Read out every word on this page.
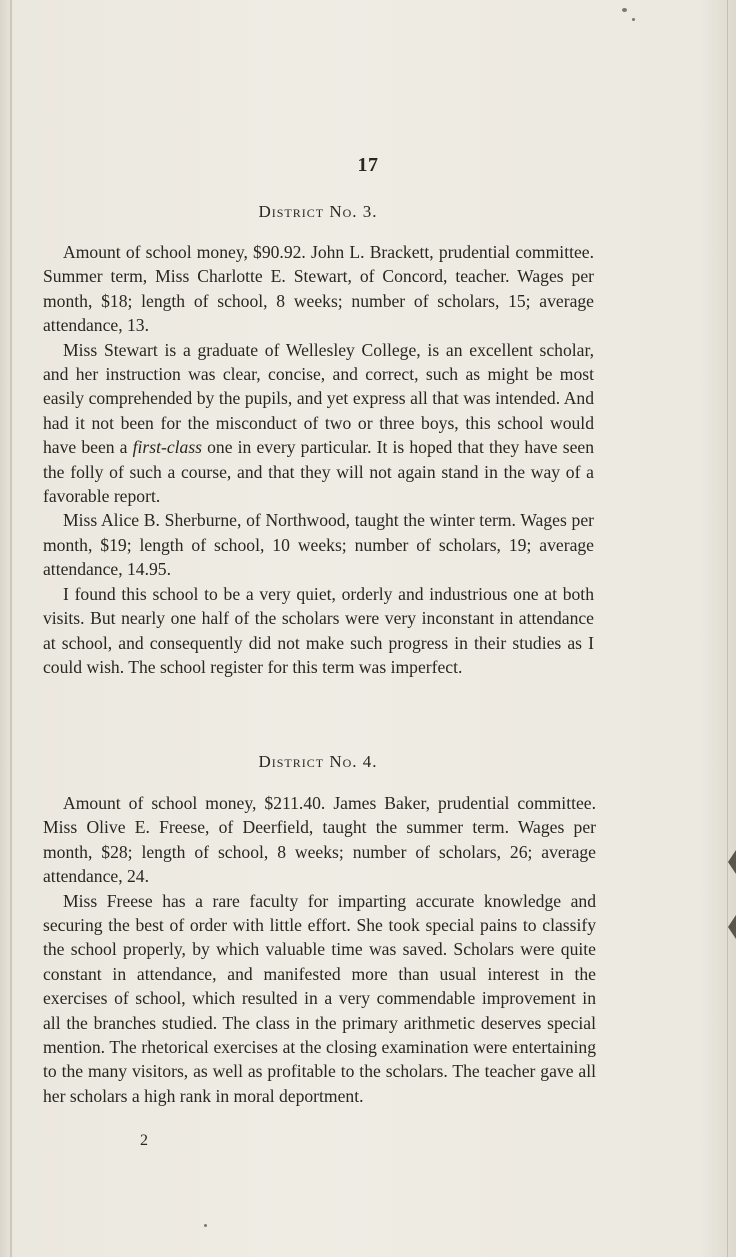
17
District No. 3.

Amount of school money, $90.92. John L. Brackett, prudential committee. Summer term, Miss Charlotte E. Stewart, of Concord, teacher. Wages per month, $18; length of school, 8 weeks; number of scholars, 15; average attendance, 13.

Miss Stewart is a graduate of Wellesley College, is an excellent scholar, and her instruction was clear, concise, and correct, such as might be most easily comprehended by the pupils, and yet express all that was intended. And had it not been for the misconduct of two or three boys, this school would have been a first-class one in every particular. It is hoped that they have seen the folly of such a course, and that they will not again stand in the way of a favorable report.

Miss Alice B. Sherburne, of Northwood, taught the winter term. Wages per month, $19; length of school, 10 weeks; number of scholars, 19; average attendance, 14.95.

I found this school to be a very quiet, orderly and industrious one at both visits. But nearly one half of the scholars were very inconstant in attendance at school, and consequently did not make such progress in their studies as I could wish. The school register for this term was imperfect.

District No. 4.

Amount of school money, $211.40. James Baker, prudential committee. Miss Olive E. Freese, of Deerfield, taught the summer term. Wages per month, $28; length of school, 8 weeks; number of scholars, 26; average attendance, 24.

Miss Freese has a rare faculty for imparting accurate knowledge and securing the best of order with little effort. She took special pains to classify the school properly, by which valuable time was saved. Scholars were quite constant in attendance, and manifested more than usual interest in the exercises of school, which resulted in a very commendable improvement in all the branches studied. The class in the primary arithmetic deserves special mention. The rhetorical exercises at the closing examination were entertaining to the many visitors, as well as profitable to the scholars. The teacher gave all her scholars a high rank in moral deportment.

2
